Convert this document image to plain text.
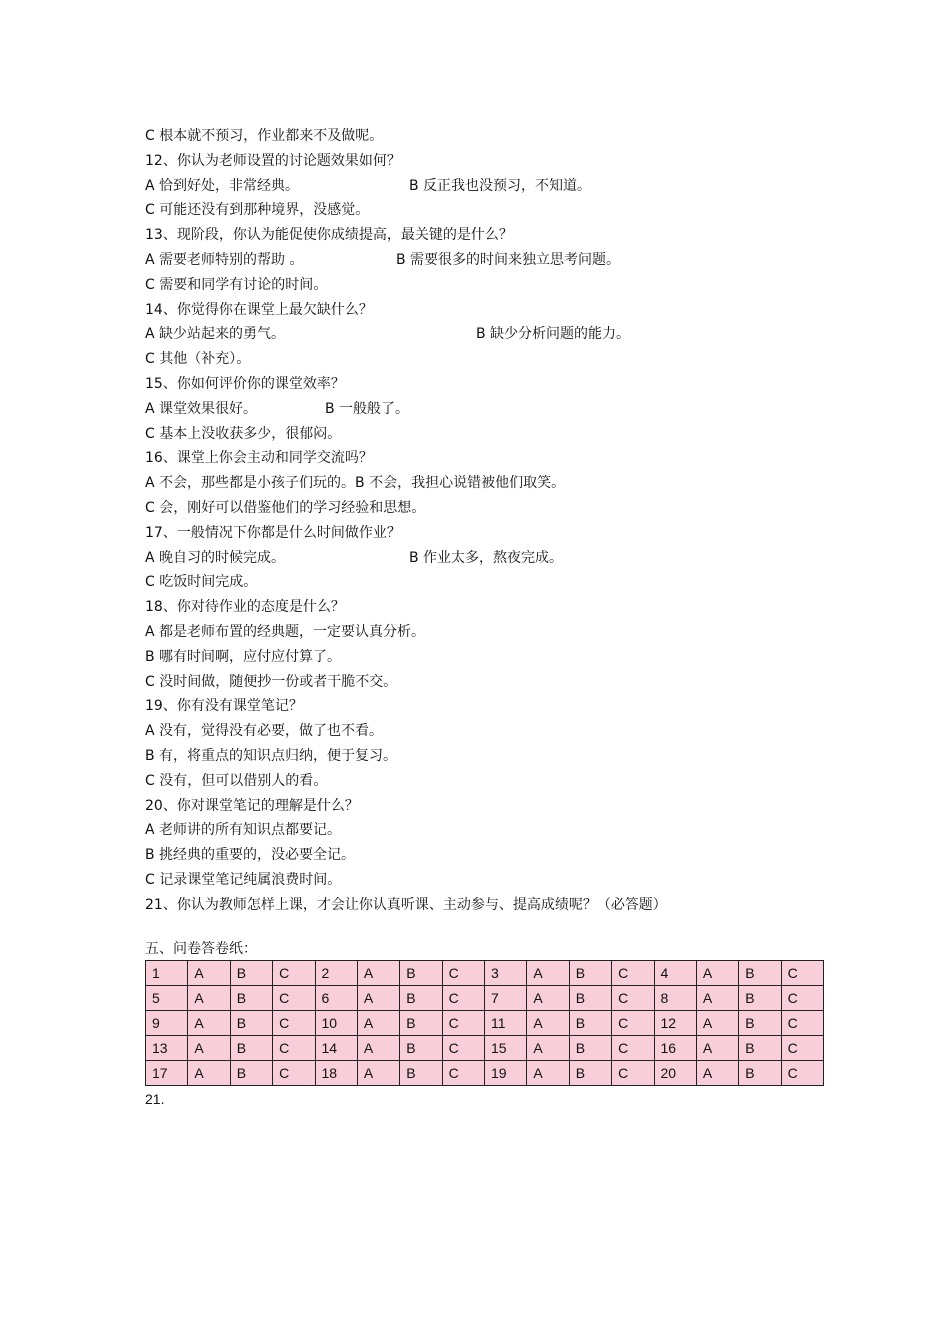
C 根本就不预习，作业都来不及做呢。
12、你认为老师设置的讨论题效果如何？
A 恰到好处，非常经典。	B 反正我也没预习，不知道。
C 可能还没有到那种境界，没感觉。
13、现阶段，你认为能促使你成绩提高，最关键的是什么？
A 需要老师特别的帮助 。	B 需要很多的时间来独立思考问题。
C 需要和同学有讨论的时间。
14、你觉得你在课堂上最欠缺什么？
A 缺少站起来的勇气。	B 缺少分析问题的能力。
C 其他（补充）。
15、你如何评价你的课堂效率？
A 课堂效果很好。	B 一般般了。
C 基本上没收获多少，很郁闷。
16、课堂上你会主动和同学交流吗？
A 不会，那些都是小孩子们玩的。B 不会，我担心说错被他们取笑。
C 会，刚好可以借鉴他们的学习经验和思想。
17、一般情况下你都是什么时间做作业？
A 晚自习的时候完成。	B 作业太多，熬夜完成。
C 吃饭时间完成。
18、你对待作业的态度是什么？
A 都是老师布置的经典题，一定要认真分析。
B 哪有时间啊，应付应付算了。
C 没时间做，随便抄一份或者干脆不交。
19、你有没有课堂笔记？
A 没有，觉得没有必要，做了也不看。
B 有，将重点的知识点归纳，便于复习。
C 没有，但可以借别人的看。
20、你对课堂笔记的理解是什么？
A 老师讲的所有知识点都要记。
B 挑经典的重要的，没必要全记。
C 记录课堂笔记纯属浪费时间。
21、你认为教师怎样上课，才会让你认真听课、主动参与、提高成绩呢？（必答题）
五、问卷答卷纸：
1	A	B	C	2	A	B	C	3	A	B	C	4	A	B	C
5	A	B	C	6	A	B	C	7	A	B	C	8	A	B	C
9	A	B	C	10	A	B	C	11	A	B	C	12	A	B	C
13	A	B	C	14	A	B	C	15	A	B	C	16	A	B	C
17	A	B	C	18	A	B	C	19	A	B	C	20	A	B	C
21.
